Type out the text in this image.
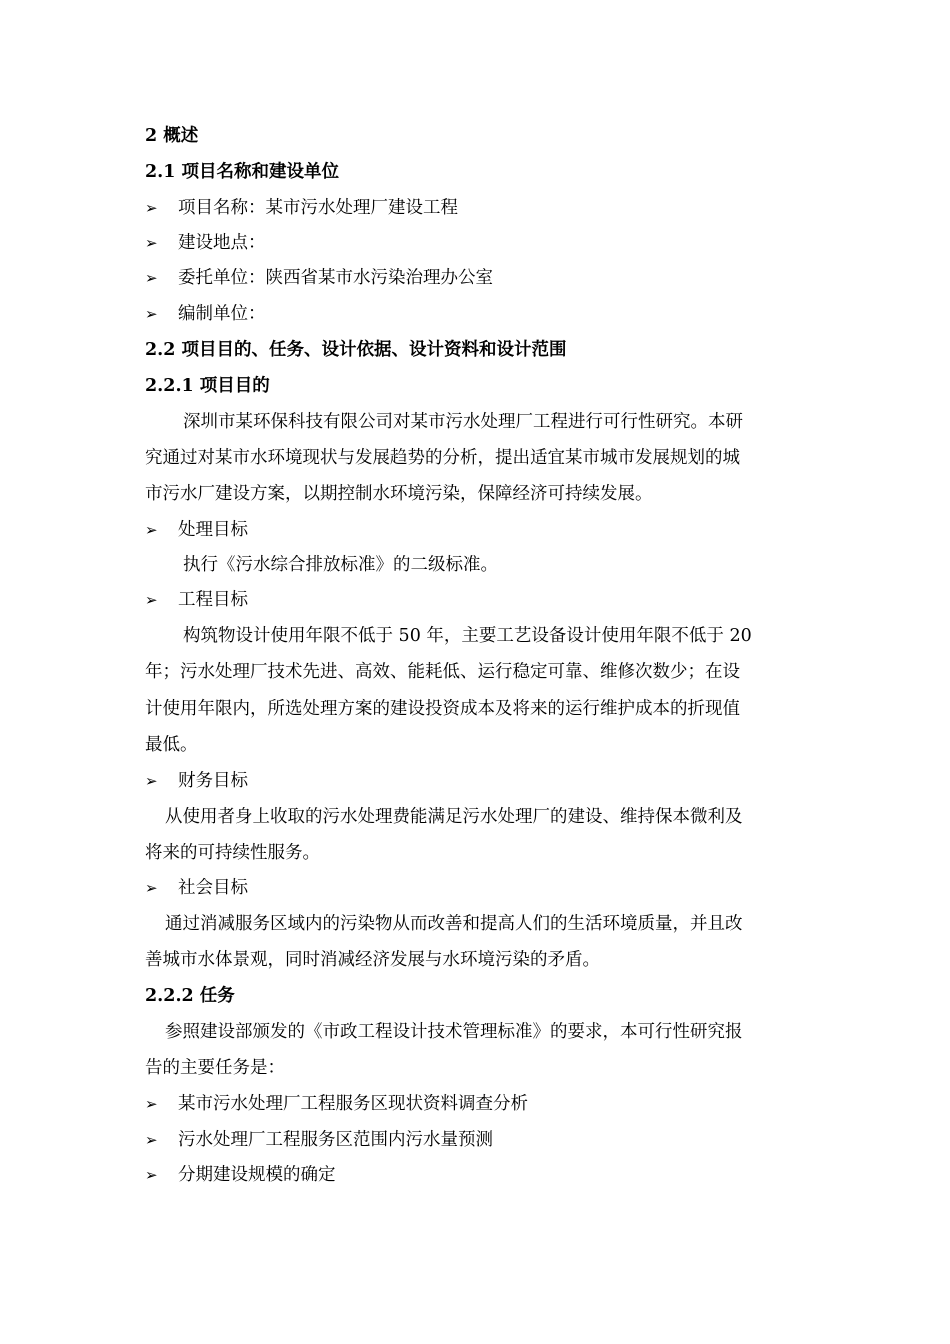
2 概述
2.1 项目名称和建设单位
➢ 项目名称：某市污水处理厂建设工程
➢ 建设地点：
➢ 委托单位：陕西省某市水污染治理办公室
➢ 编制单位：
2.2 项目目的、任务、设计依据、设计资料和设计范围
2.2.1 项目目的
深圳市某环保科技有限公司对某市污水处理厂工程进行可行性研究。本研
究通过对某市水环境现状与发展趋势的分析，提出适宜某市城市发展规划的城
市污水厂建设方案，以期控制水环境污染，保障经济可持续发展。
➢ 处理目标
执行《污水综合排放标准》的二级标准。
➢ 工程目标
构筑物设计使用年限不低于 50 年，主要工艺设备设计使用年限不低于 20
年；污水处理厂技术先进、高效、能耗低、运行稳定可靠、维修次数少；在设
计使用年限内，所选处理方案的建设投资成本及将来的运行维护成本的折现值
最低。
➢ 财务目标
从使用者身上收取的污水处理费能满足污水处理厂的建设、维持保本微利及
将来的可持续性服务。
➢ 社会目标
通过消减服务区域内的污染物从而改善和提高人们的生活环境质量，并且改
善城市水体景观，同时消减经济发展与水环境污染的矛盾。
2.2.2 任务
参照建设部颁发的《市政工程设计技术管理标准》的要求，本可行性研究报
告的主要任务是：
➢ 某市污水处理厂工程服务区现状资料调查分析
➢ 污水处理厂工程服务区范围内污水量预测
➢ 分期建设规模的确定
